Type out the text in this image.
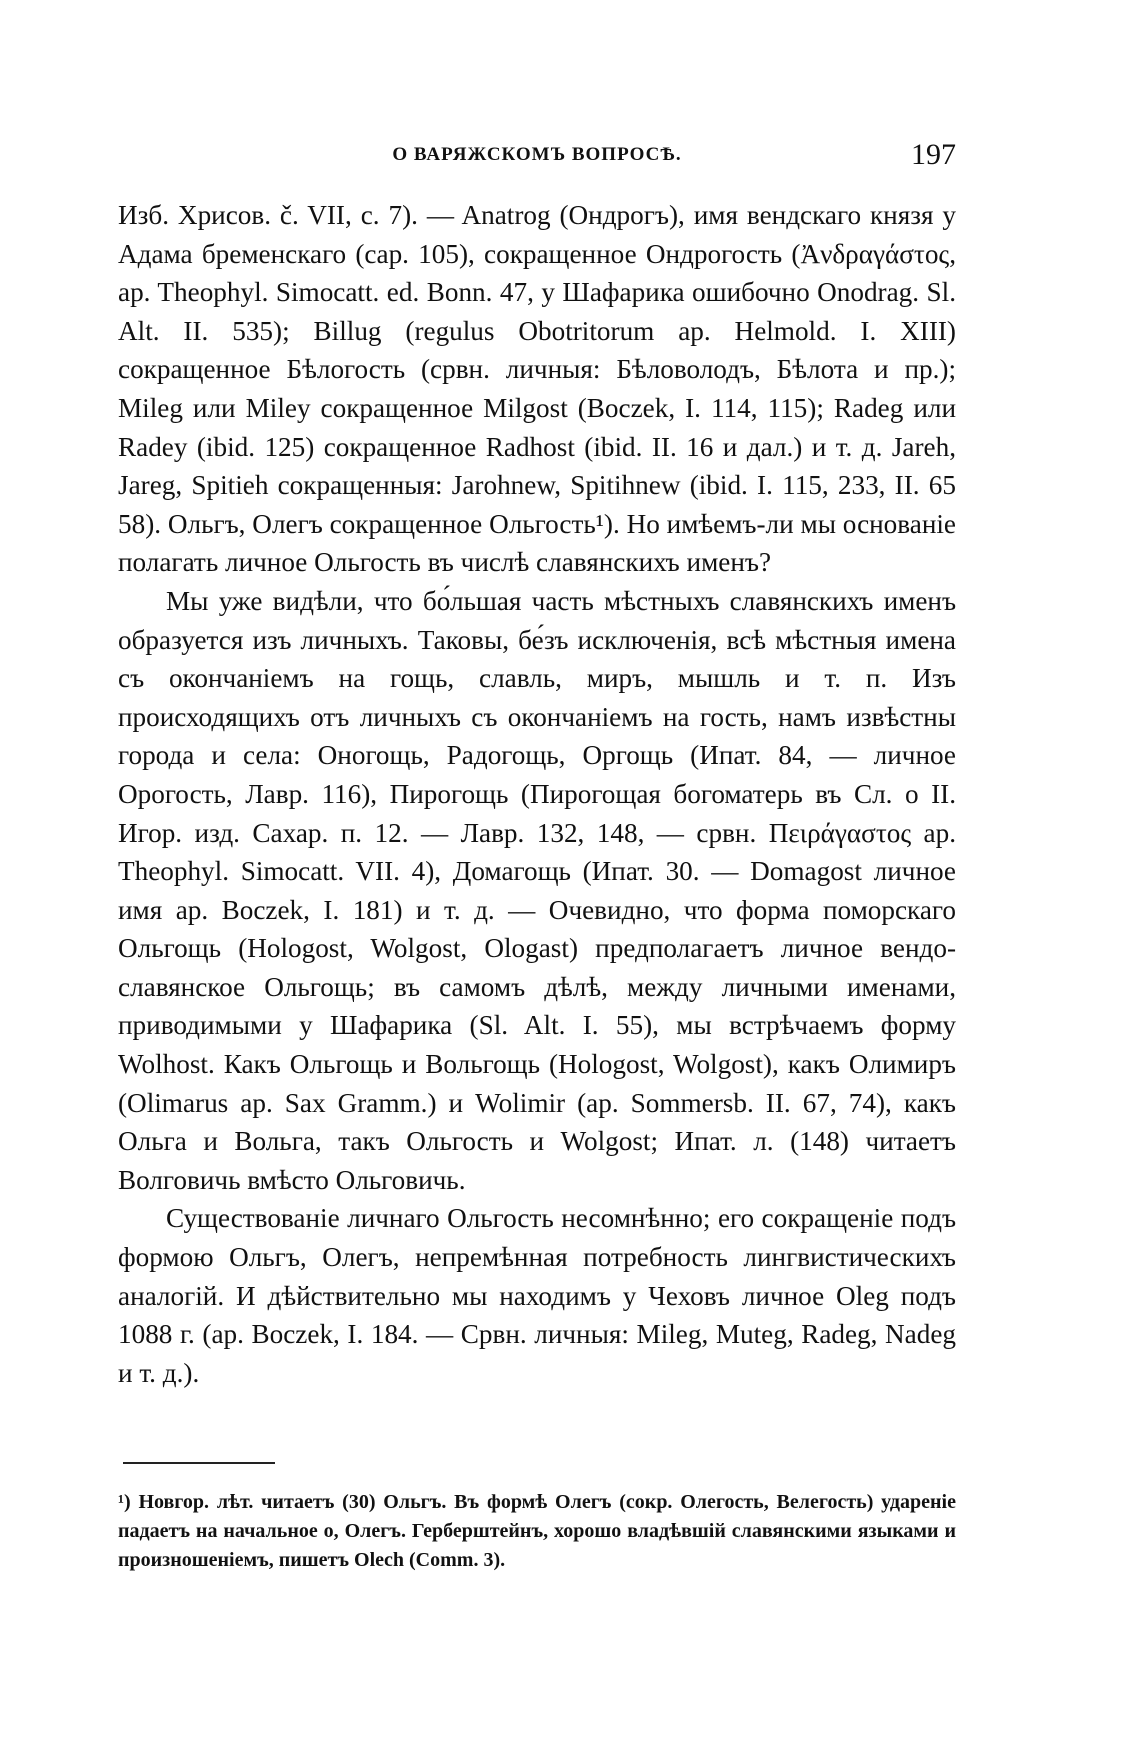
О ВАРЯЖСКОМЪ ВОПРОСѢ.	197

Изб. Хрисов. č. VII, c. 7). — Anatrog (Ондрогъ), имя вендскаго князя у Адама бременскаго (cap. 105), сокращенное Ондрогость (Ἀνδραγάστος, ap. Theophyl. Simocatt. ed. Bonn. 47, у Шафарика ошибочно Onodrag. Sl. Alt. II. 535); Billug (regulus Obotritorum ap. Helmold. I. XIII) сокращенное Бѣлогость (срвн. личныя: Бѣловолодъ, Бѣлота и пр.); Mileg или Miley сокращенное Milgost (Boczek, I. 114, 115); Radeg или Radey (ibid. 125) сокращенное Radhost (ibid. II. 16 и дал.) и т. д. Jareh, Jareg, Spitieh сокращенныя: Jarohnew, Spitihnew (ibid. I. 115, 233, II. 65 58). Ольгъ, Олегъ сокращенное Ольгость¹). Но имѣемъ-ли мы основаніе полагать личное Ольгость въ числѣ славянскихъ именъ?

Мы уже видѣли, что бо́льшая часть мѣстныхъ славянскихъ именъ образуется изъ личныхъ. Таковы, бе́зъ исключенія, всѣ мѣстныя имена съ окончаніемъ на гощь, славль, миръ, мышль и т. п. Изъ происходящихъ отъ личныхъ съ окончаніемъ на гость, намъ извѣстны города и села: Оногощь, Радогощь, Оргощь (Ипат. 84, — личное Орогость, Лавр. 116), Пирогощь (Пирогощая богоматерь въ Сл. о II. Игор. изд. Сахар. п. 12. — Лавр. 132, 148, — срвн. Πειράγαστος ap. Theophyl. Simocatt. VII. 4), Домагощь (Ипат. 30. — Domagost личное имя ap. Boczek, I. 181) и т. д. — Очевидно, что форма поморскаго Ольгощь (Hologost, Wolgost, Ologast) предполагаетъ личное вендо-славянское Ольгощь; въ самомъ дѣлѣ, между личными именами, приводимыми у Шафарика (Sl. Alt. I. 55), мы встрѣчаемъ форму Wolhost. Какъ Ольгощь и Вольгощь (Hologost, Wolgost), какъ Олимиръ (Olimarus ap. Sax Gramm.) и Wolimir (ap. Sommersb. II. 67, 74), какъ Ольга и Вольга, такъ Ольгость и Wolgost; Ипат. л. (148) читаетъ Волговичь вмѣсто Ольговичь.

Существованіе личнаго Ольгость несомнѣнно; его сокращеніе подъ формою Ольгъ, Олегъ, непремѣнная потребность лингвистическихъ аналогій. И дѣйствительно мы находимъ у Чеховъ личное Oleg подъ 1088 г. (ap. Boczek, I. 184. — Срвн. личныя: Mileg, Muteg, Radeg, Nadeg и т. д.).

¹) Новгор. лѣт. читаетъ (30) Ольгъ. Въ формѣ Олегъ (сокр. Олегость, Велегость) удареніе падаетъ на начальное о, Олегъ. Герберштейнъ, хорошо владѣвшій славянскими языками и произношеніемъ, пишетъ Olech (Comm. 3).
